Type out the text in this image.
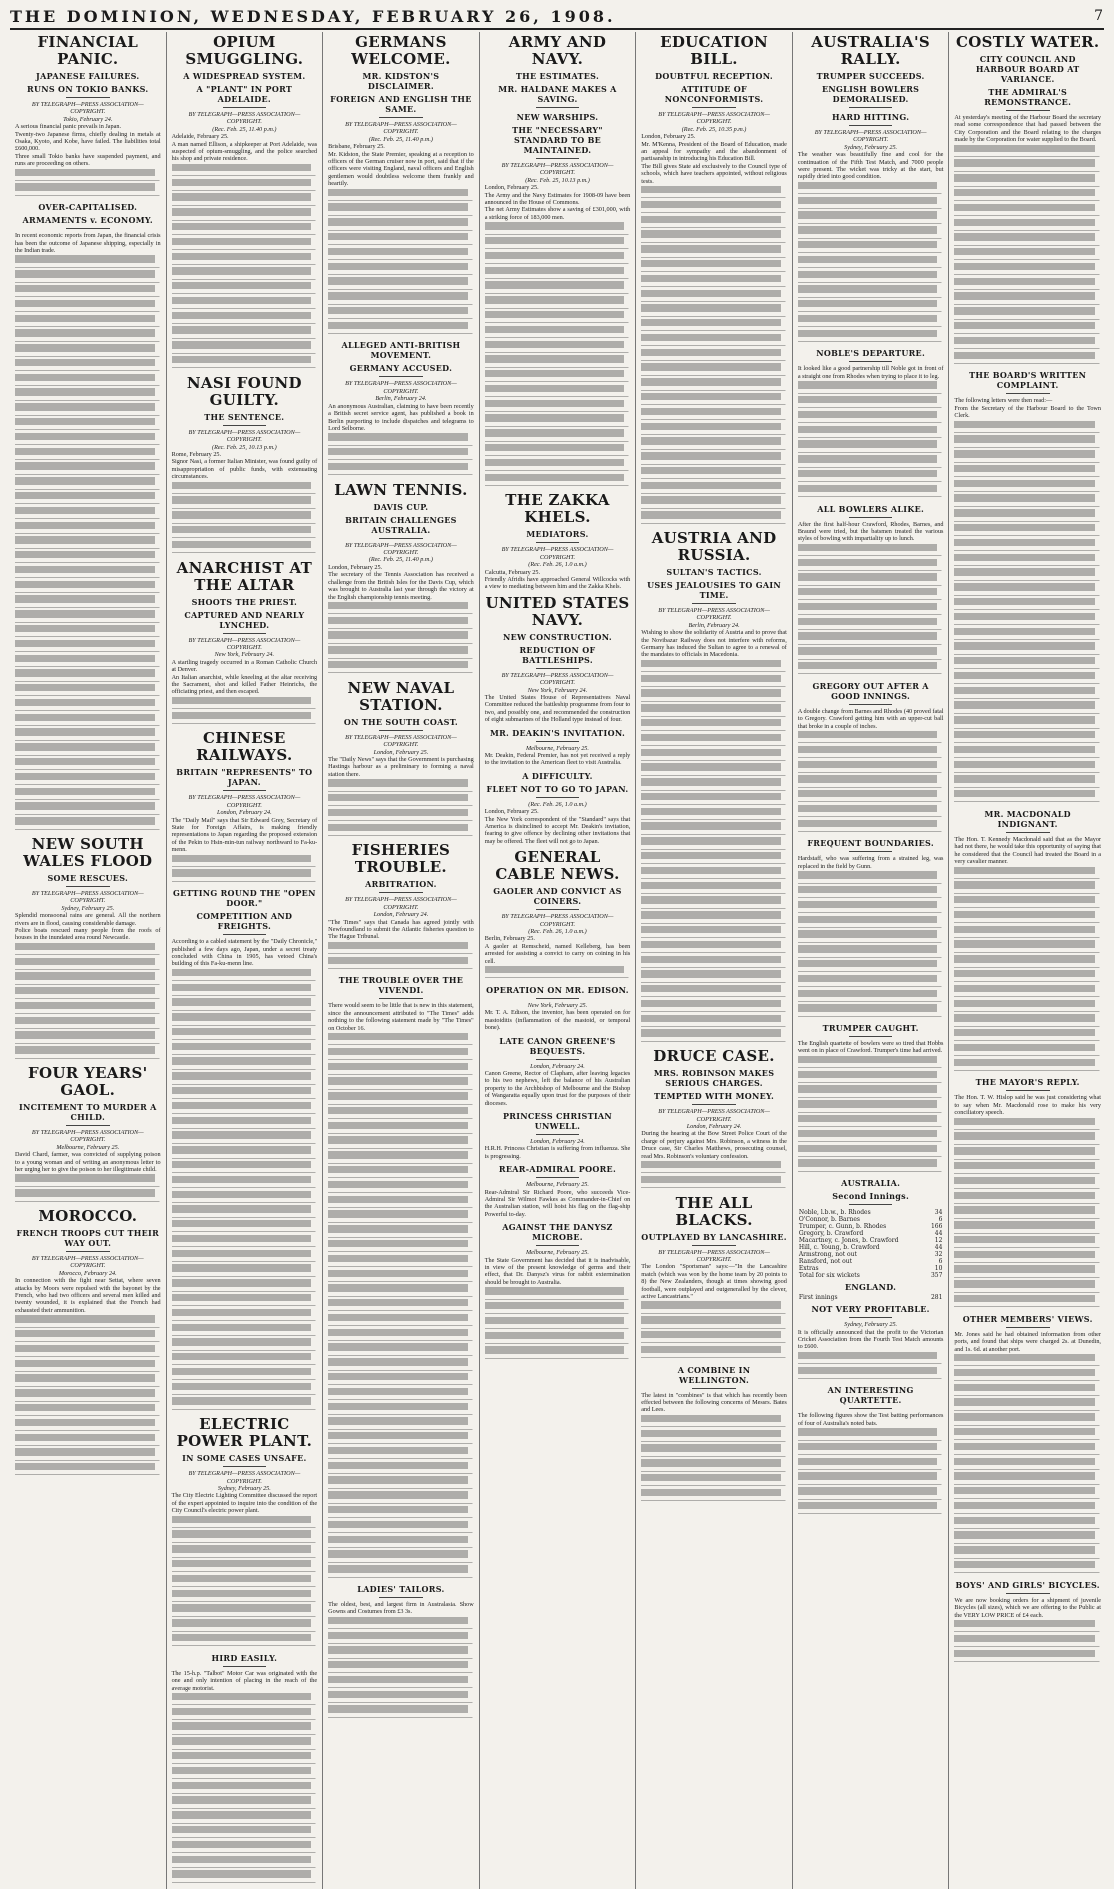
THE DOMINION, WEDNESDAY, FEBRUARY 26, 1908.	7
FINANCIAL PANIC.
JAPANESE FAILURES.
RUNS ON TOKIO BANKS.

BY TELEGRAPH—PRESS ASSOCIATION—COPYRIGHT.

Tokio, February 24.

A serious financial panic prevails in Japan.

Twenty-two Japanese firms, chiefly dealing in metals at Osaka, Kyoto, and Kobe, have failed. The liabilities total £600,000.

Three small Tokio banks have suspended payment, and runs are proceeding on others.

OVER-CAPITALISED.
ARMAMENTS v. ECONOMY.

In recent economic reports from Japan, the financial crisis has been the outcome of Japanese shipping, especially in the Indian trade.

NEW SOUTH WALES FLOOD
SOME RESCUES.

BY TELEGRAPH—PRESS ASSOCIATION—COPYRIGHT.

Sydney, February 25.

Splendid monsoonal rains are general. All the northern rivers are in flood, causing considerable damage.

Police boats rescued many people from the roofs of houses in the inundated area round Newcastle.

FOUR YEARS' GAOL.
INCITEMENT TO MURDER A CHILD.

BY TELEGRAPH—PRESS ASSOCIATION—COPYRIGHT.

Melbourne, February 25.

David Chard, farmer, was convicted of supplying poison to a young woman and of writing an anonymous letter to her urging her to give the poison to her illegitimate child.

MOROCCO.
FRENCH TROOPS CUT THEIR WAY OUT.

BY TELEGRAPH—PRESS ASSOCIATION—COPYRIGHT.

Morocco, February 24.

In connection with the fight near Settat, where seven attacks by Moors were repulsed with the bayonet by the French, who had two officers and several men killed and twenty wounded, it is explained that the French had exhausted their ammunition.

OPIUM SMUGGLING.
A WIDESPREAD SYSTEM.
A "PLANT" IN PORT ADELAIDE.

BY TELEGRAPH—PRESS ASSOCIATION—COPYRIGHT.

(Rec. Feb. 25, 11.40 p.m.)

Adelaide, February 25.

A man named Ellison, a shipkeeper at Port Adelaide, was suspected of opium-smuggling, and the police searched his shop and private residence.

NASI FOUND GUILTY.
THE SENTENCE.

BY TELEGRAPH—PRESS ASSOCIATION—COPYRIGHT.

(Rec. Feb. 25, 10.13 p.m.)

Rome, February 25.

Signor Nasi, a former Italian Minister, was found guilty of misappropriation of public funds, with extenuating circumstances.

ANARCHIST AT THE ALTAR
SHOOTS THE PRIEST.
CAPTURED AND NEARLY LYNCHED.

BY TELEGRAPH—PRESS ASSOCIATION—COPYRIGHT.

New York, February 24.

A startling tragedy occurred in a Roman Catholic Church at Denver.

An Italian anarchist, while kneeling at the altar receiving the Sacrament, shot and killed Father Heinrichs, the officiating priest, and then escaped.

CHINESE RAILWAYS.
BRITAIN "REPRESENTS" TO JAPAN.

BY TELEGRAPH—PRESS ASSOCIATION—COPYRIGHT.

London, February 24.

The "Daily Mail" says that Sir Edward Grey, Secretary of State for Foreign Affairs, is making friendly representations to Japan regarding the proposed extension of the Pekin to Hsin-min-tun railway northward to Fa-ku-menn.

GETTING ROUND THE "OPEN DOOR."
COMPETITION AND FREIGHTS.

According to a cabled statement by the "Daily Chronicle," published a few days ago, Japan, under a secret treaty concluded with China in 1905, has vetoed China's building of this Fa-ku-menn line.

ELECTRIC POWER PLANT.
IN SOME CASES UNSAFE.

BY TELEGRAPH—PRESS ASSOCIATION—COPYRIGHT.

Sydney, February 25.

The City Electric Lighting Committee discussed the report of the expert appointed to inquire into the condition of the City Council's electric power plant.

HIRD EASILY.

The 15-h.p. "Talbot" Motor Car was originated with the one and only intention of placing in the reach of the average motorist.

GERMANS WELCOME.
MR. KIDSTON'S DISCLAIMER.
FOREIGN AND ENGLISH THE SAME.

BY TELEGRAPH—PRESS ASSOCIATION—COPYRIGHT.

(Rec. Feb. 25, 11.40 p.m.)

Brisbane, February 25.

Mr. Kidston, the State Premier, speaking at a reception to officers of the German cruiser now in port, said that if the officers were visiting England, naval officers and English gentlemen would doubtless welcome them frankly and heartily.

ALLEGED ANTI-BRITISH MOVEMENT.
GERMANY ACCUSED.

BY TELEGRAPH—PRESS ASSOCIATION—COPYRIGHT.

Berlin, February 24.

An anonymous Australian, claiming to have been recently a British secret service agent, has published a book in Berlin purporting to include dispatches and telegrams to Lord Selborne.

LAWN TENNIS.
DAVIS CUP.
BRITAIN CHALLENGES AUSTRALIA.

BY TELEGRAPH—PRESS ASSOCIATION—COPYRIGHT.

(Rec. Feb. 25, 11.40 p.m.)

London, February 25.

The secretary of the Tennis Association has received a challenge from the British Isles for the Davis Cup, which was brought to Australia last year through the victory at the English championship tennis meeting.

NEW NAVAL STATION.
ON THE SOUTH COAST.

BY TELEGRAPH—PRESS ASSOCIATION—COPYRIGHT.

London, February 25.

The "Daily News" says that the Government is purchasing Hastings harbour as a preliminary to forming a naval station there.

FISHERIES TROUBLE.
ARBITRATION.

BY TELEGRAPH—PRESS ASSOCIATION—COPYRIGHT.

London, February 24.

"The Times" says that Canada has agreed jointly with Newfoundland to submit the Atlantic fisheries question to The Hague Tribunal.

THE TROUBLE OVER THE VIVENDI.

There would seem to be little that is new in this statement, since the announcement attributed to "The Times" adds nothing to the following statement made by "The Times" on October 16.

LADIES' TAILORS.

The oldest, best, and largest firm in Australasia. Show Gowns and Costumes from £3 3s.

ARMY AND NAVY.
THE ESTIMATES.
MR. HALDANE MAKES A SAVING.
NEW WARSHIPS.
THE "NECESSARY" STANDARD TO BE MAINTAINED.

BY TELEGRAPH—PRESS ASSOCIATION—COPYRIGHT.

(Rec. Feb. 25, 10.13 p.m.)

London, February 25.

The Army and the Navy Estimates for 1908-09 have been announced in the House of Commons.

The net Army Estimates show a saving of £301,000, with a striking force of 183,000 men.

THE ZAKKA KHELS.
MEDIATORS.

BY TELEGRAPH—PRESS ASSOCIATION—COPYRIGHT.

(Rec. Feb. 26, 1.0 a.m.)

Calcutta, February 25.

Friendly Afridis have approached General Willcocks with a view to mediating between him and the Zakka Khels.

UNITED STATES NAVY.
NEW CONSTRUCTION.
REDUCTION OF BATTLESHIPS.

BY TELEGRAPH—PRESS ASSOCIATION—COPYRIGHT.

New York, February 24.

The United States House of Representatives Naval Committee reduced the battleship programme from four to two, and possibly one, and recommended the construction of eight submarines of the Holland type instead of four.

MR. DEAKIN'S INVITATION.

Melbourne, February 25.

Mr. Deakin, Federal Premier, has not yet received a reply to the invitation to the American fleet to visit Australia.

A DIFFICULTY.
FLEET NOT TO GO TO JAPAN.

(Rec. Feb. 26, 1.0 a.m.)

London, February 25.

The New York correspondent of the "Standard" says that America is disinclined to accept Mr. Deakin's invitation, fearing to give offence by declining other invitations that may be offered. The fleet will not go to Japan.

GENERAL CABLE NEWS.
GAOLER AND CONVICT AS COINERS.

BY TELEGRAPH—PRESS ASSOCIATION—COPYRIGHT.

(Rec. Feb. 26, 1.0 a.m.)

Berlin, February 25.

A gaoler at Remscheid, named Kelleberg, has been arrested for assisting a convict to carry on coining in his cell.

OPERATION ON MR. EDISON.

New York, February 25.

Mr. T. A. Edison, the inventor, has been operated on for mastoiditis (inflammation of the mastoid, or temporal bone).

LATE CANON GREENE'S BEQUESTS.

London, February 24.

Canon Greene, Rector of Clapham, after leaving legacies to his two nephews, left the balance of his Australian property to the Archbishop of Melbourne and the Bishop of Wangaratta equally upon trust for the purposes of their dioceses.

PRINCESS CHRISTIAN UNWELL.

London, February 24.

H.R.H. Princess Christian is suffering from influenza. She is progressing.

REAR-ADMIRAL POORE.

Melbourne, February 25.

Rear-Admiral Sir Richard Poore, who succeeds Vice-Admiral Sir Wilmot Fawkes as Commander-in-Chief on the Australian station, will hoist his flag on the flag-ship Powerful to-day.

AGAINST THE DANYSZ MICROBE.

Melbourne, February 25.

The State Government has decided that it is inadvisable, in view of the present knowledge of germs and their effect, that Dr. Danysz's virus for rabbit extermination should be brought to Australia.

EDUCATION BILL.
DOUBTFUL RECEPTION.
ATTITUDE OF NONCONFORMISTS.

BY TELEGRAPH—PRESS ASSOCIATION—COPYRIGHT.

(Rec. Feb. 25, 10.35 p.m.)

London, February 25.

Mr. M'Kenna, President of the Board of Education, made an appeal for sympathy and the abandonment of partisanship in introducing his Education Bill.

The Bill gives State aid exclusively to the Council type of schools, which have teachers appointed, without religious tests.

AUSTRIA AND RUSSIA.
SULTAN'S TACTICS.
USES JEALOUSIES TO GAIN TIME.

BY TELEGRAPH—PRESS ASSOCIATION—COPYRIGHT.

Berlin, February 24.

Wishing to show the solidarity of Austria and to prove that the Novibazar Railway does not interfere with reforms, Germany has induced the Sultan to agree to a renewal of the mandates to officials in Macedonia.

DRUCE CASE.
MRS. ROBINSON MAKES SERIOUS CHARGES.
TEMPTED WITH MONEY.

BY TELEGRAPH—PRESS ASSOCIATION—COPYRIGHT.

London, February 24.

During the hearing at the Bow Street Police Court of the charge of perjury against Mrs. Robinson, a witness in the Druce case, Sir Charles Matthews, prosecuting counsel, read Mrs. Robinson's voluntary confession.

THE ALL BLACKS.
OUTPLAYED BY LANCASHIRE.

BY TELEGRAPH—PRESS ASSOCIATION—COPYRIGHT.

The London "Sportsman" says:—"In the Lancashire match (which was won by the home team by 20 points to 8) the New Zealanders, though at times showing good football, were outplayed and outgeneralled by the clever, active Lancastrians."

A COMBINE IN WELLINGTON.

The latest in "combines" is that which has recently been effected between the following concerns of Messrs. Bates and Lees.

AUSTRALIA'S RALLY.
TRUMPER SUCCEEDS.
ENGLISH BOWLERS DEMORALISED.
HARD HITTING.

BY TELEGRAPH—PRESS ASSOCIATION—COPYRIGHT.

Sydney, February 25.

The weather was beautifully fine and cool for the continuation of the Fifth Test Match, and 7000 people were present. The wicket was tricky at the start, but rapidly dried into good condition.

NOBLE'S DEPARTURE.

It looked like a good partnership till Noble got in front of a straight one from Rhodes when trying to place it to leg.

ALL BOWLERS ALIKE.

After the first half-hour Crawford, Rhodes, Barnes, and Braund were tried, but the batsmen treated the various styles of bowling with impartiality up to lunch.

GREGORY OUT AFTER A GOOD INNINGS.

A double change from Barnes and Rhodes (40 proved fatal to Gregory. Crawford getting him with an upper-cut ball that broke in a couple of inches.

FREQUENT BOUNDARIES.

Hardstaff, who was suffering from a strained leg, was replaced in the field by Gunn.

TRUMPER CAUGHT.

The English quartette of bowlers were so tired that Hobbs went on in place of Crawford. Trumper's time had arrived.

AUSTRALIA.
Second Innings.
Noble, l.b.w., b. Rhodes	34
O'Connor, b. Barnes	6
Trumper, c. Gunn, b. Rhodes	166
Gregory, b. Crawford	44
Macartney, c. Jones, b. Crawford	12
Hill, c. Young, b. Crawford	44
Armstrong, not out	32
Ransford, not out	6
Extras	10
Total for six wickets	357
ENGLAND.
First innings	281
NOT VERY PROFITABLE.

Sydney, February 25.

It is officially announced that the profit to the Victorian Cricket Association from the Fourth Test Match amounts to £600.

AN INTERESTING QUARTETTE.

The following figures show the Test batting performances of four of Australia's noted bats.

COSTLY WATER.
CITY COUNCIL AND HARBOUR BOARD AT VARIANCE.
THE ADMIRAL'S REMONSTRANCE.

At yesterday's meeting of the Harbour Board the secretary read some correspondence that had passed between the City Corporation and the Board relating to the charges made by the Corporation for water supplied to the Board.

THE BOARD'S WRITTEN COMPLAINT.

The following letters were then read:—

From the Secretary of the Harbour Board to the Town Clerk.

MR. MACDONALD INDIGNANT.

The Hon. T. Kennedy Macdonald said that as the Mayor had not there, he would take this opportunity of saying that he considered that the Council had treated the Board in a very cavalier manner.

THE MAYOR'S REPLY.

The Hon. T. W. Hislop said he was just considering what to say when Mr. Macdonald rose to make his very conciliatory speech.

OTHER MEMBERS' VIEWS.

Mr. Jones said he had obtained information from other ports, and found that ships were charged 2s. at Dunedin, and 1s. 6d. at another port.

BOYS' AND GIRLS' BICYCLES.

We are now booking orders for a shipment of juvenile Bicycles (all sizes), which we are offering to the Public at the VERY LOW PRICE of £4 each.
